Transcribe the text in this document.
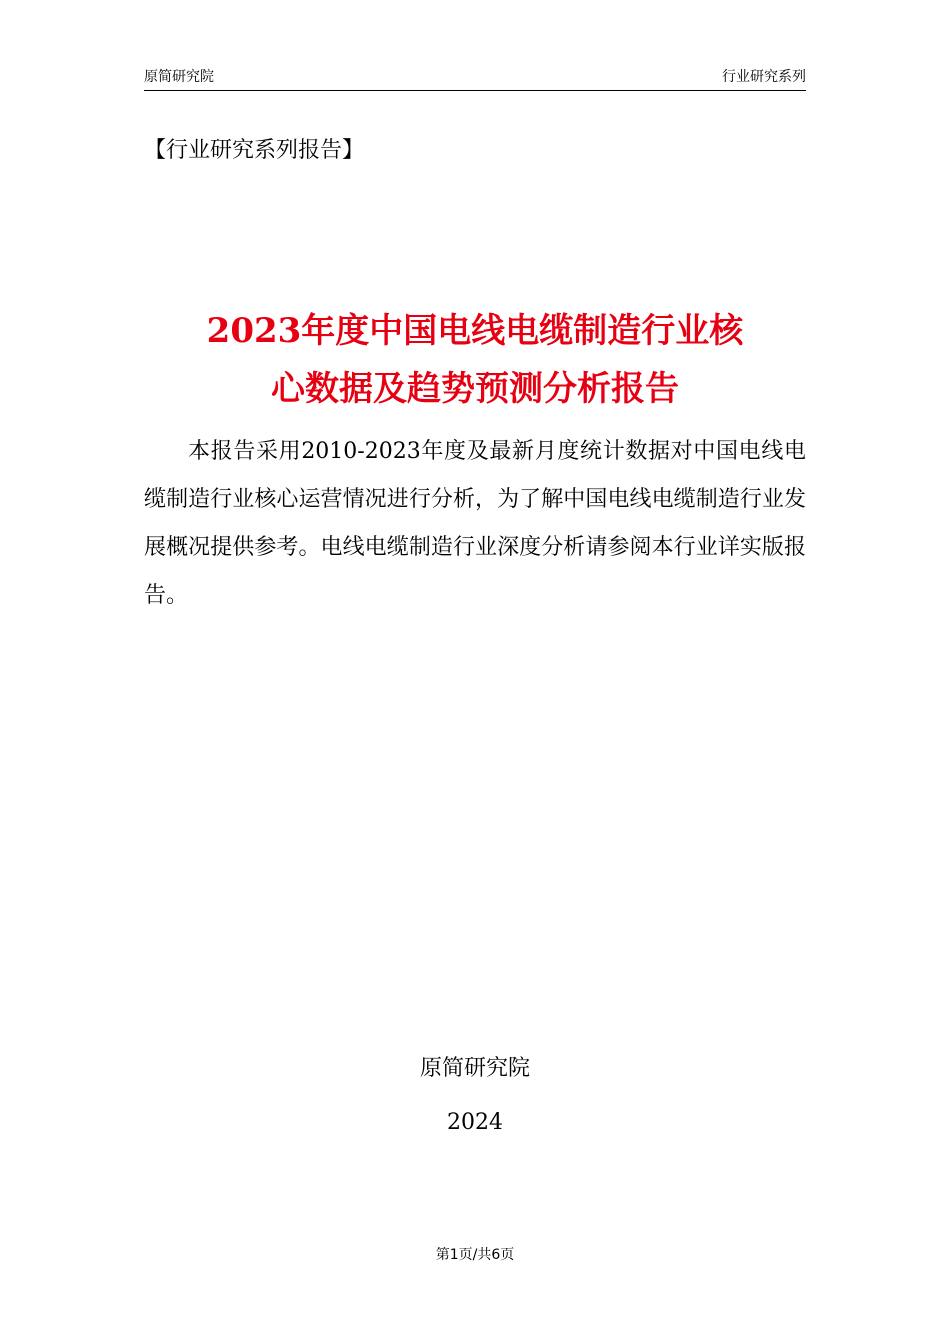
原简研究院	行业研究系列
【行业研究系列报告】
2023年度中国电线电缆制造行业核
心数据及趋势预测分析报告

本报告采用2010-2023年度及最新月度统计数据对中国电线电缆制造行业核心运营情况进行分析，为了解中国电线电缆制造行业发展概况提供参考。电线电缆制造行业深度分析请参阅本行业详实版报告。

原简研究院
2024
第1页/共6页
